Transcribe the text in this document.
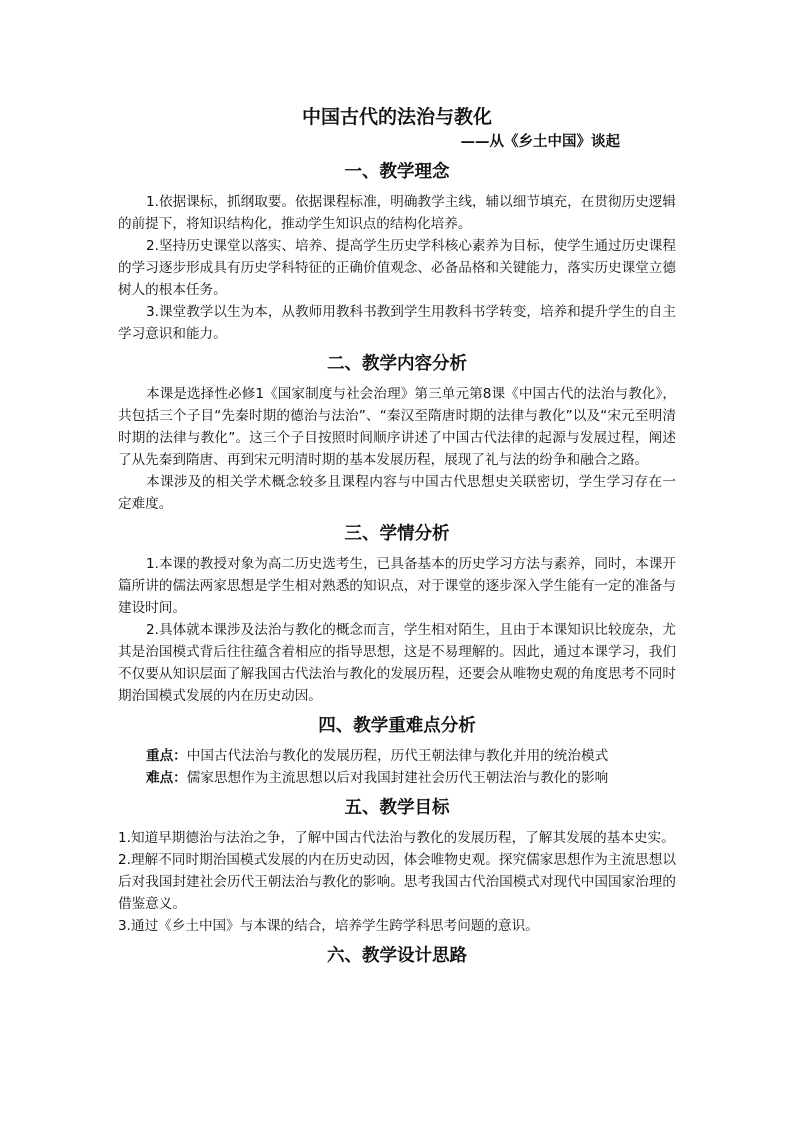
中国古代的法治与教化

——从《乡土中国》谈起

一、教学理念

1.依据课标，抓纲取要。依据课程标准，明确教学主线，辅以细节填充，在贯彻历史逻辑的前提下，将知识结构化，推动学生知识点的结构化培养。

2.坚持历史课堂以落实、培养、提高学生历史学科核心素养为目标，使学生通过历史课程的学习逐步形成具有历史学科特征的正确价值观念、必备品格和关键能力，落实历史课堂立德树人的根本任务。

3.课堂教学以生为本，从教师用教科书教到学生用教科书学转变，培养和提升学生的自主学习意识和能力。

二、教学内容分析

本课是选择性必修1《国家制度与社会治理》第三单元第8课《中国古代的法治与教化》，共包括三个子目“先秦时期的德治与法治”、“秦汉至隋唐时期的法律与教化”以及“宋元至明清时期的法律与教化”。这三个子目按照时间顺序讲述了中国古代法律的起源与发展过程，阐述了从先秦到隋唐、再到宋元明清时期的基本发展历程，展现了礼与法的纷争和融合之路。

本课涉及的相关学术概念较多且课程内容与中国古代思想史关联密切，学生学习存在一定难度。

三、学情分析

1.本课的教授对象为高二历史选考生，已具备基本的历史学习方法与素养，同时，本课开篇所讲的儒法两家思想是学生相对熟悉的知识点，对于课堂的逐步深入学生能有一定的准备与建设时间。

2.具体就本课涉及法治与教化的概念而言，学生相对陌生，且由于本课知识比较庞杂，尤其是治国模式背后往往蕴含着相应的指导思想，这是不易理解的。因此，通过本课学习，我们不仅要从知识层面了解我国古代法治与教化的发展历程，还要会从唯物史观的角度思考不同时期治国模式发展的内在历史动因。

四、教学重难点分析

重点：中国古代法治与教化的发展历程，历代王朝法律与教化并用的统治模式

难点：儒家思想作为主流思想以后对我国封建社会历代王朝法治与教化的影响

五、教学目标

1.知道早期德治与法治之争，了解中国古代法治与教化的发展历程，了解其发展的基本史实。

2.理解不同时期治国模式发展的内在历史动因，体会唯物史观。探究儒家思想作为主流思想以后对我国封建社会历代王朝法治与教化的影响。思考我国古代治国模式对现代中国国家治理的借鉴意义。

3.通过《乡土中国》与本课的结合，培养学生跨学科思考问题的意识。

六、教学设计思路
